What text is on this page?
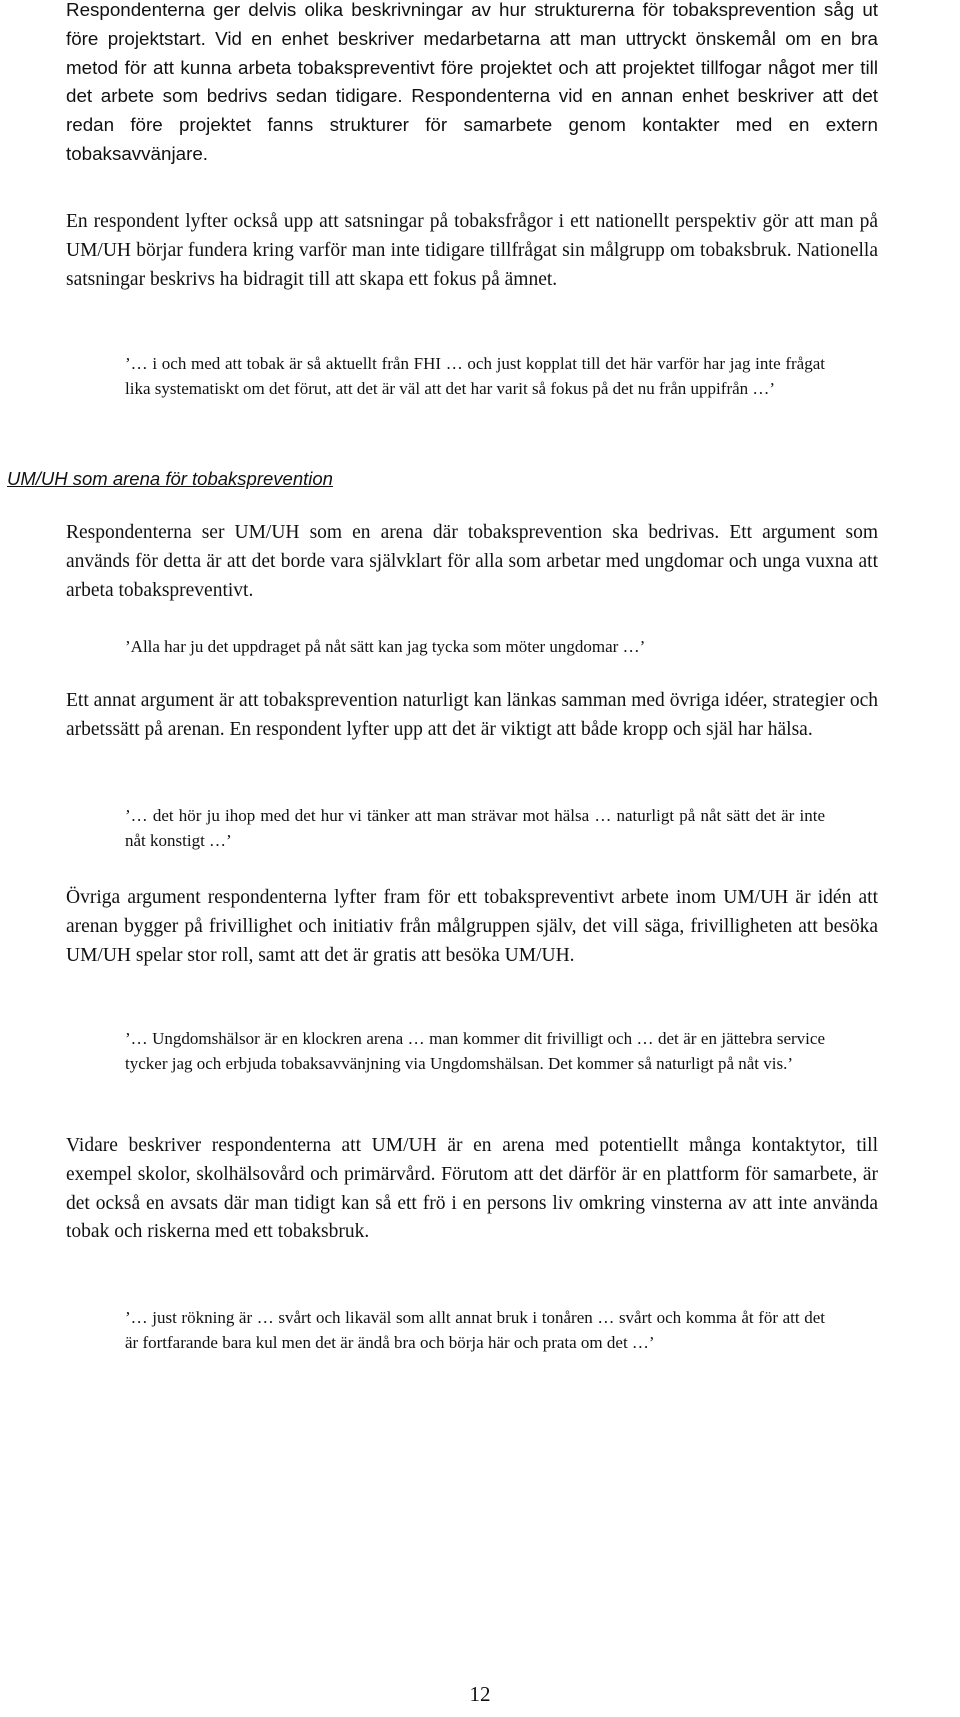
Respondenterna ger delvis olika beskrivningar av hur strukturerna för tobaksprevention såg ut före projektstart. Vid en enhet beskriver medarbetarna att man uttryckt önskemål om en bra metod för att kunna arbeta tobakspreventivt före projektet och att projektet tillfogar något mer till det arbete som bedrivs sedan tidigare. Respondenterna vid en annan enhet beskriver att det redan före projektet fanns strukturer för samarbete genom kontakter med en extern tobaksavvänjare.

En respondent lyfter också upp att satsningar på tobaksfrågor i ett nationellt perspektiv gör att man på UM/UH börjar fundera kring varför man inte tidigare tillfrågat sin målgrupp om tobaksbruk. Nationella satsningar beskrivs ha bidragit till att skapa ett fokus på ämnet.

’… i och med att tobak är så aktuellt från FHI … och just kopplat till det här varför har jag inte frågat lika systematiskt om det förut, att det är väl att det har varit så fokus på det nu från uppifrån …’

UM/UH som arena för tobaksprevention

Respondenterna ser UM/UH som en arena där tobaksprevention ska bedrivas. Ett argument som används för detta är att det borde vara självklart för alla som arbetar med ungdomar och unga vuxna att arbeta tobakspreventivt.

’Alla har ju det uppdraget på nåt sätt kan jag tycka som möter ungdomar …’

Ett annat argument är att tobaksprevention naturligt kan länkas samman med övriga idéer, strategier och arbetssätt på arenan. En respondent lyfter upp att det är viktigt att både kropp och själ har hälsa.

’… det hör ju ihop med det hur vi tänker att man strävar mot hälsa … naturligt på nåt sätt det är inte nåt konstigt …’

Övriga argument respondenterna lyfter fram för ett tobakspreventivt arbete inom UM/UH är idén att arenan bygger på frivillighet och initiativ från målgruppen själv, det vill säga, frivilligheten att besöka UM/UH spelar stor roll, samt att det är gratis att besöka UM/UH.

’… Ungdomshälsor är en klockren arena … man kommer dit frivilligt och … det är en jättebra service tycker jag och erbjuda tobaksavvänjning via Ungdomshälsan. Det kommer så naturligt på nåt vis.’

Vidare beskriver respondenterna att UM/UH är en arena med potentiellt många kontaktytor, till exempel skolor, skolhälsovård och primärvård. Förutom att det därför är en plattform för samarbete, är det också en avsats där man tidigt kan så ett frö i en persons liv omkring vinsterna av att inte använda tobak och riskerna med ett tobaksbruk.

’… just rökning är … svårt och likaväl som allt annat bruk i tonåren … svårt och komma åt för att det är fortfarande bara kul men det är ändå bra och börja här och prata om det …’

12
